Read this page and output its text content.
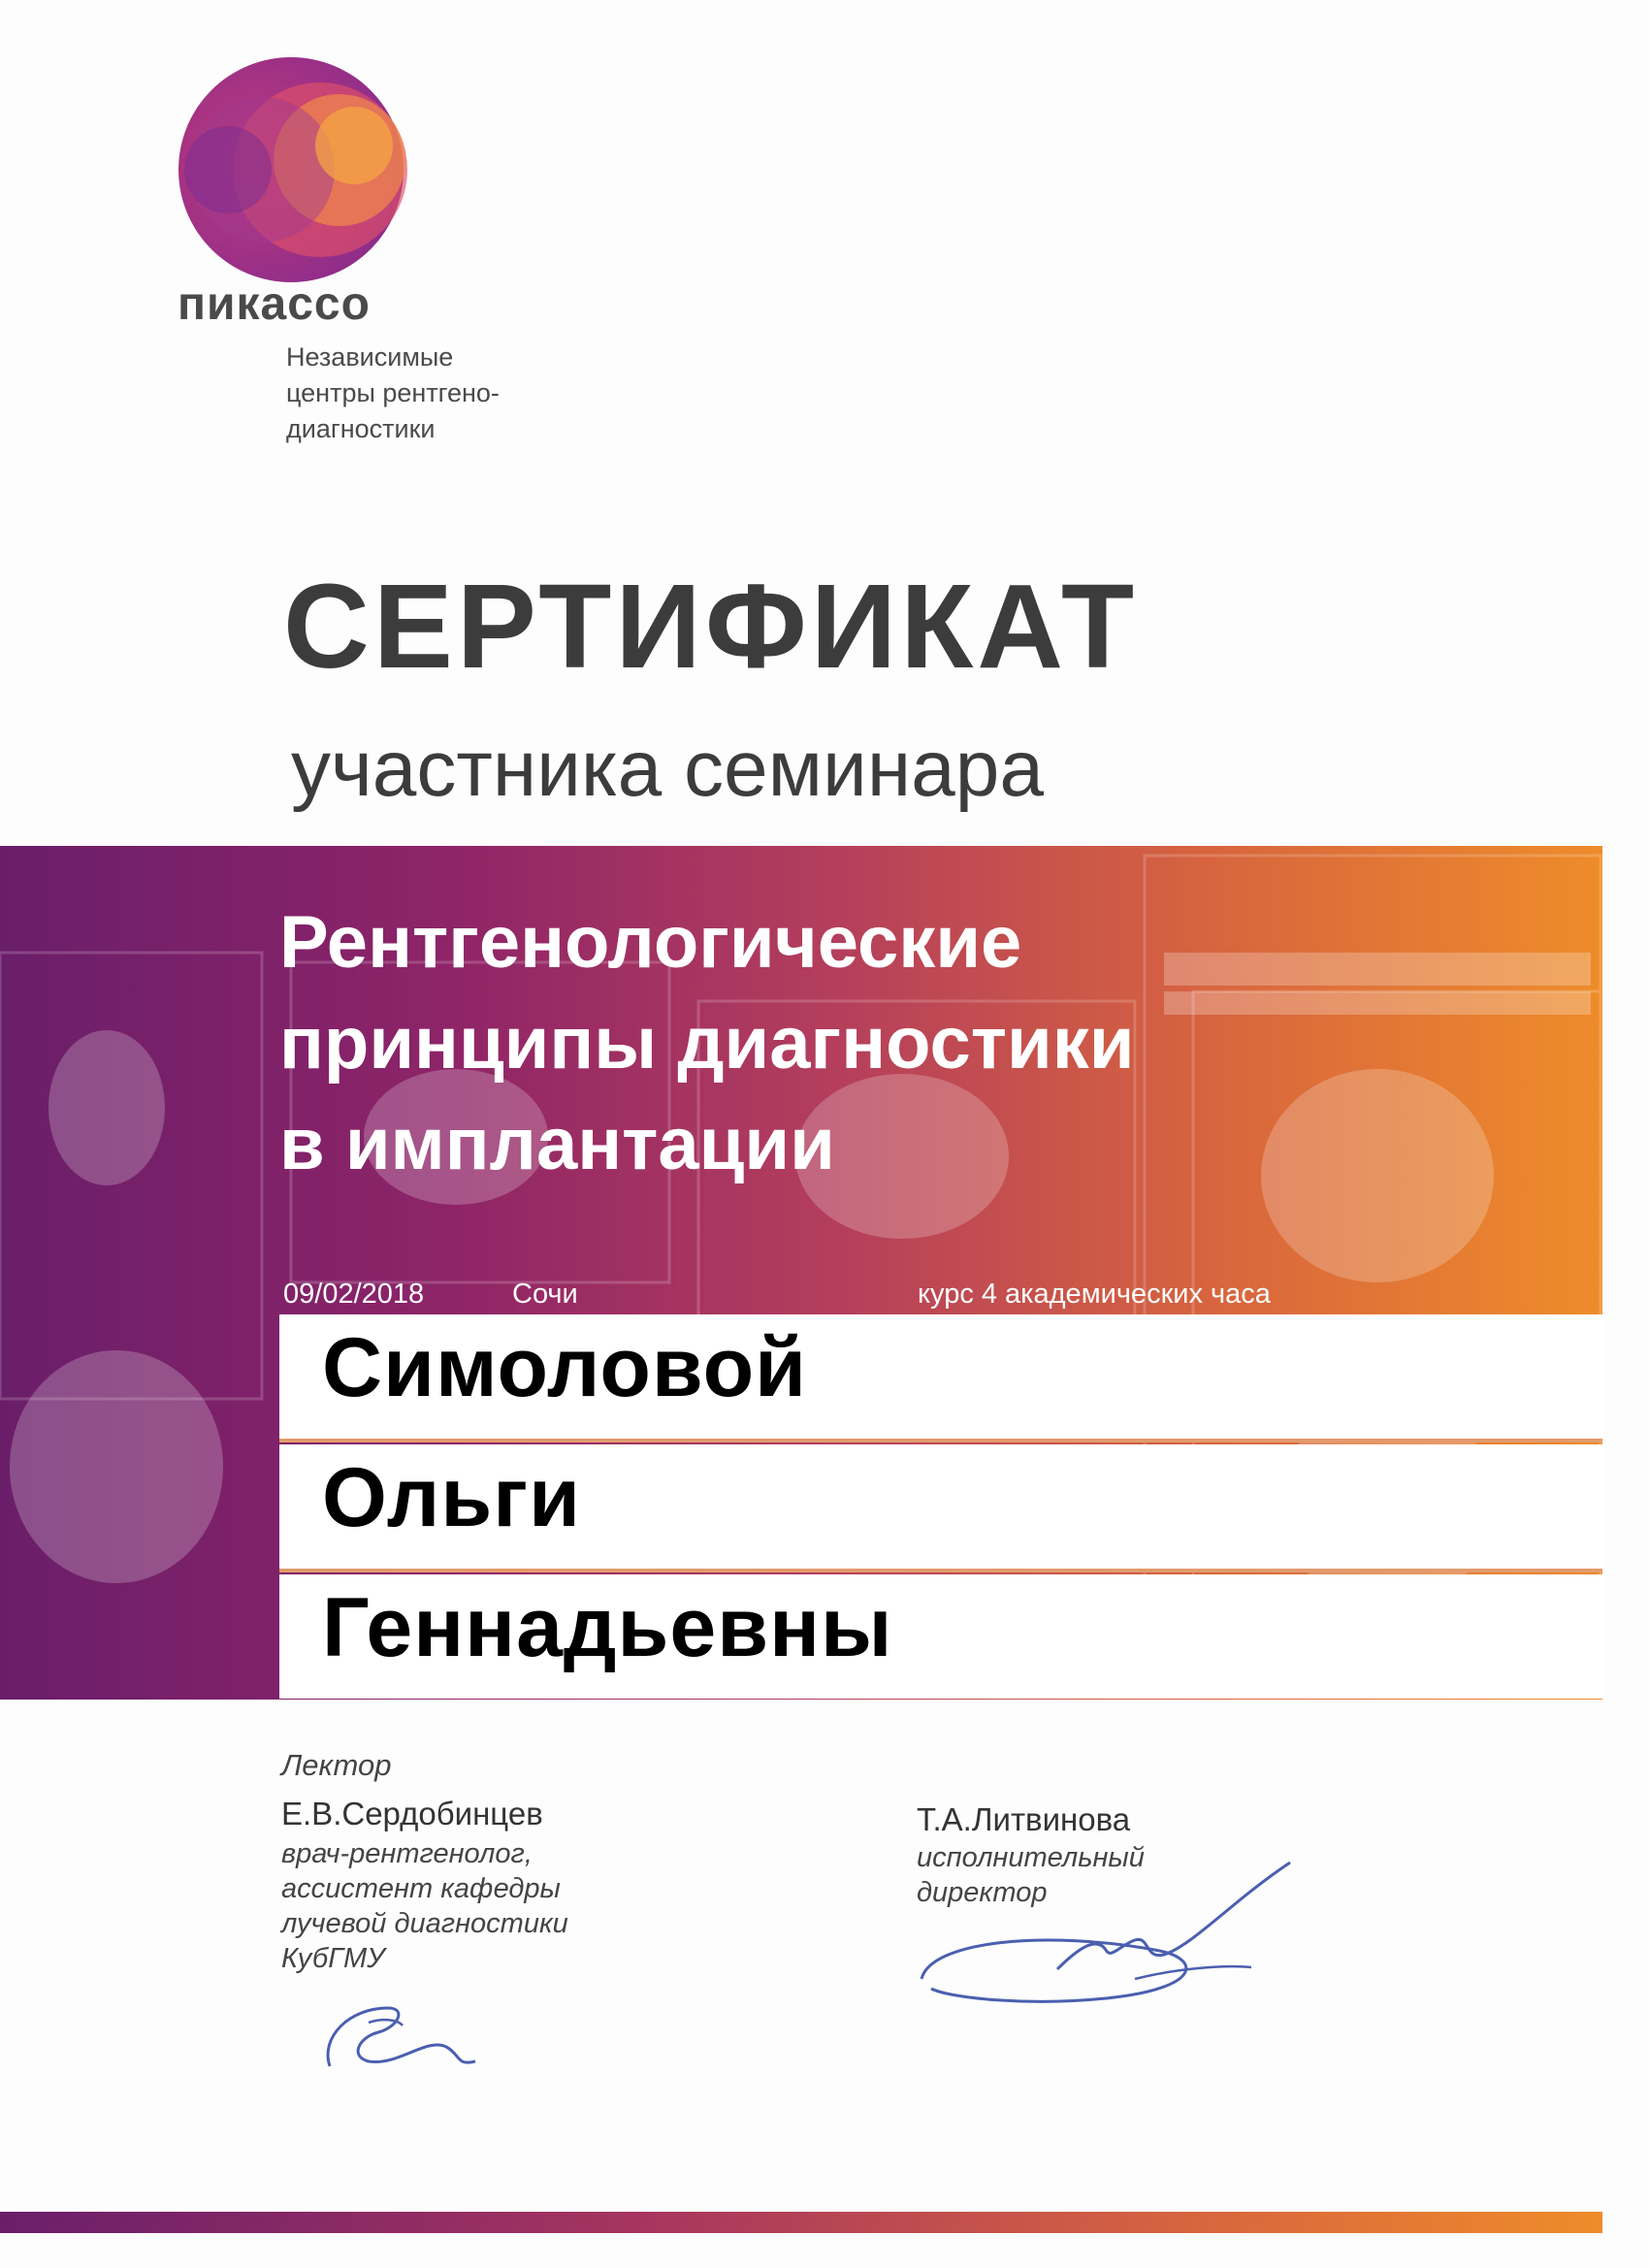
пикассо
Независимые
центры рентгено-
диагностики
СЕРТИФИКАТ
участника семинара
Рентгенологические
принципы диагностики
в имплантации
09/02/2018	Сочи	курс 4 академических часа
Симоловой
Ольги
Геннадьевны
Лектор
Е.В.Сердобинцев
врач-рентгенолог,
ассистент кафедры
лучевой диагностики
КубГМУ
Т.А.Литвинова
исполнительный
директор
